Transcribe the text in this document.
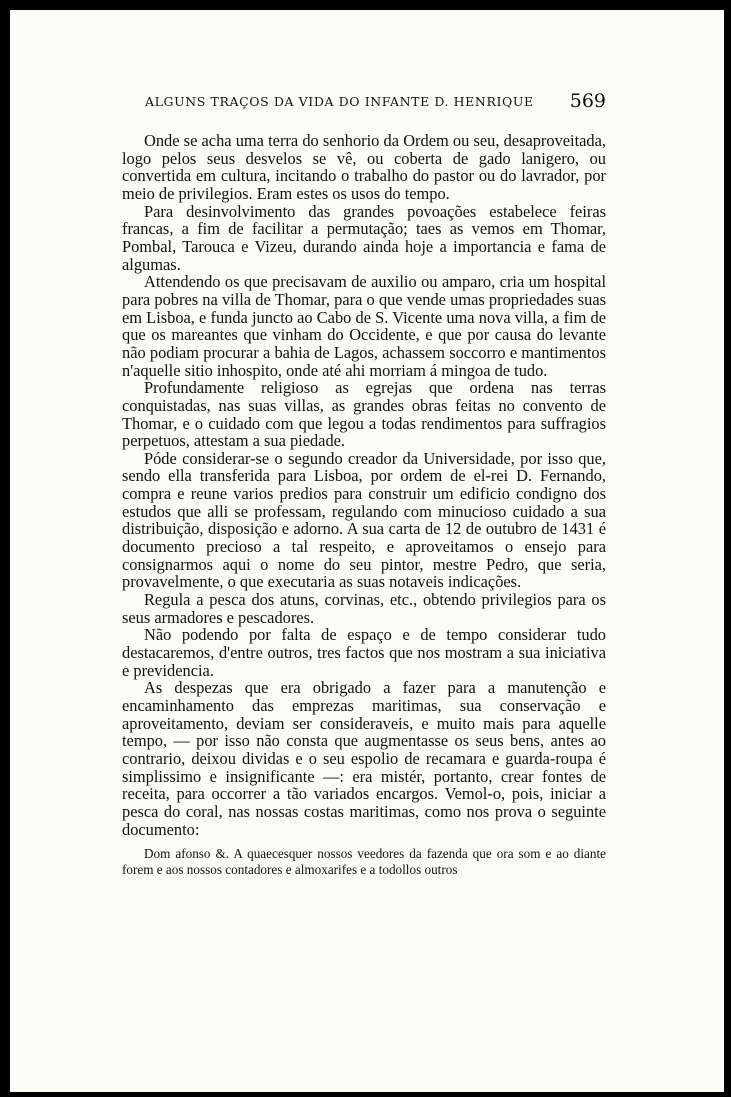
ALGUNS TRAÇOS DA VIDA DO INFANTE D. HENRIQUE 569

Onde se acha uma terra do senhorio da Ordem ou seu, desaproveitada, logo pelos seus desvelos se vê, ou coberta de gado lanigero, ou convertida em cultura, incitando o trabalho do pastor ou do lavrador, por meio de privilegios. Eram estes os usos do tempo.

Para desinvolvimento das grandes povoações estabelece feiras francas, a fim de facilitar a permutação; taes as vemos em Thomar, Pombal, Tarouca e Vizeu, durando ainda hoje a importancia e fama de algumas.

Attendendo os que precisavam de auxilio ou amparo, cria um hospital para pobres na villa de Thomar, para o que vende umas propriedades suas em Lisboa, e funda juncto ao Cabo de S. Vicente uma nova villa, a fim de que os mareantes que vinham do Occidente, e que por causa do levante não podiam procurar a bahia de Lagos, achassem soccorro e mantimentos n'aquelle sitio inhospito, onde até ahi morriam á mingoa de tudo.

Profundamente religioso as egrejas que ordena nas terras conquistadas, nas suas villas, as grandes obras feitas no convento de Thomar, e o cuidado com que legou a todas rendimentos para suffragios perpetuos, attestam a sua piedade.

Póde considerar-se o segundo creador da Universidade, por isso que, sendo ella transferida para Lisboa, por ordem de el-rei D. Fernando, compra e reune varios predios para construir um edificio condigno dos estudos que alli se professam, regulando com minucioso cuidado a sua distribuição, disposição e adorno. A sua carta de 12 de outubro de 1431 é documento precioso a tal respeito, e aproveitamos o ensejo para consignarmos aqui o nome do seu pintor, mestre Pedro, que seria, provavelmente, o que executaria as suas notaveis indicações.

Regula a pesca dos atuns, corvinas, etc., obtendo privilegios para os seus armadores e pescadores.

Não podendo por falta de espaço e de tempo considerar tudo destacaremos, d'entre outros, tres factos que nos mostram a sua iniciativa e previdencia.

As despezas que era obrigado a fazer para a manutenção e encaminhamento das emprezas maritimas, sua conservação e aproveitamento, deviam ser consideraveis, e muito mais para aquelle tempo, — por isso não consta que augmentasse os seus bens, antes ao contrario, deixou dividas e o seu espolio de recamara e guarda-roupa é simplissimo e insignificante —: era mistér, portanto, crear fontes de receita, para occorrer a tão variados encargos. Vemol-o, pois, iniciar a pesca do coral, nas nossas costas maritimas, como nos prova o seguinte documento:

Dom afonso &. A quaecesquer nossos veedores da fazenda que ora som e ao diante forem e aos nossos contadores e almoxarifes e a todollos outros
